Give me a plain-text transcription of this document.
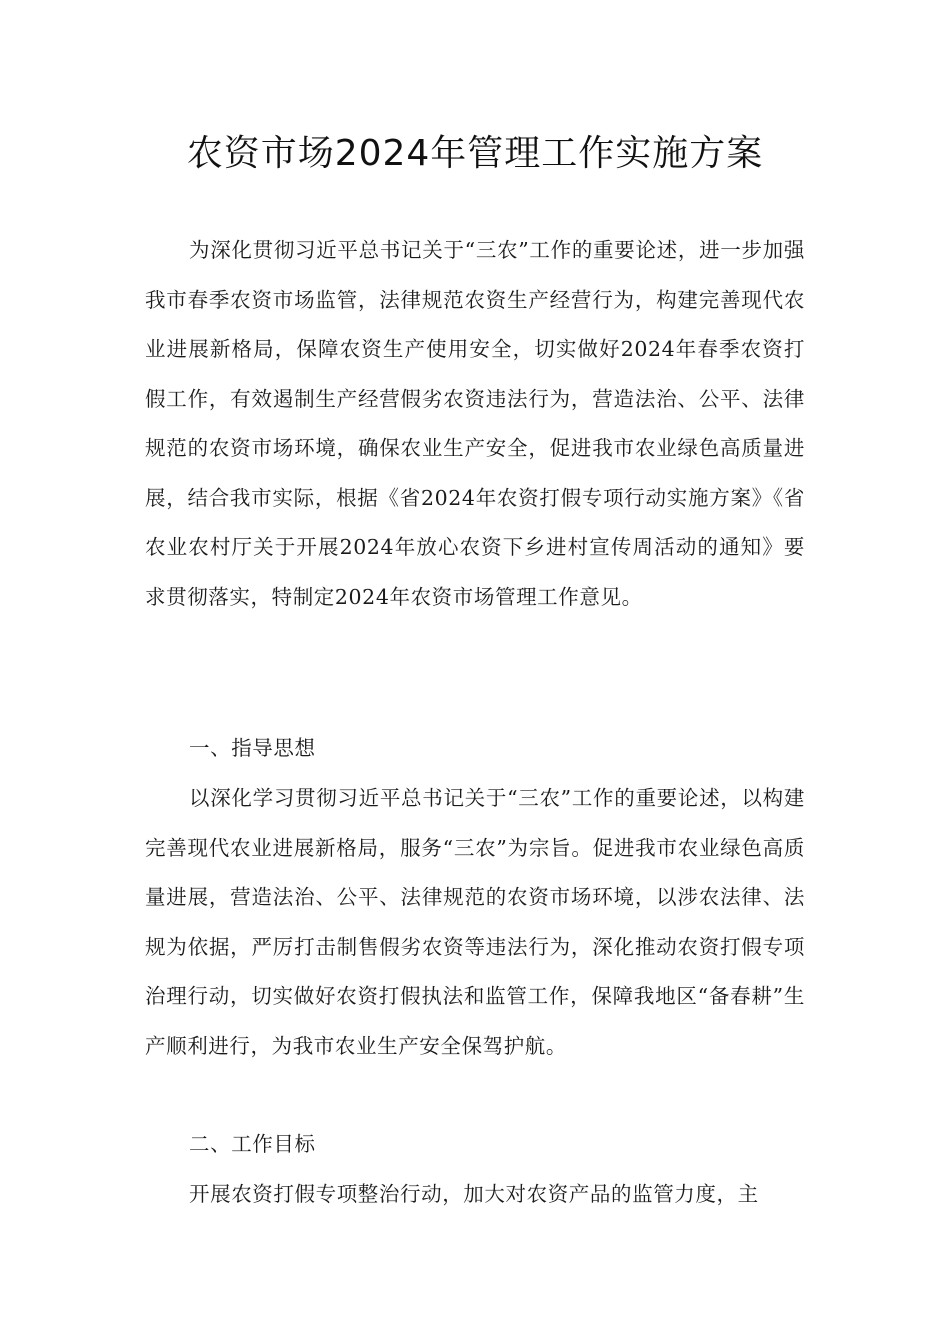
农资市场2024年管理工作实施方案

为深化贯彻习近平总书记关于“三农”工作的重要论述，进一步加强我市春季农资市场监管，法律规范农资生产经营行为，构建完善现代农业进展新格局，保障农资生产使用安全，切实做好2024年春季农资打假工作，有效遏制生产经营假劣农资违法行为，营造法治、公平、法律规范的农资市场环境，确保农业生产安全，促进我市农业绿色高质量进展，结合我市实际，根据《省2024年农资打假专项行动实施方案》《省农业农村厅关于开展2024年放心农资下乡进村宣传周活动的通知》要求贯彻落实，特制定2024年农资市场管理工作意见。

一、指导思想

以深化学习贯彻习近平总书记关于“三农”工作的重要论述，以构建完善现代农业进展新格局，服务“三农”为宗旨。促进我市农业绿色高质量进展，营造法治、公平、法律规范的农资市场环境，以涉农法律、法规为依据，严厉打击制售假劣农资等违法行为，深化推动农资打假专项治理行动，切实做好农资打假执法和监管工作，保障我地区“备春耕”生产顺利进行，为我市农业生产安全保驾护航。

二、工作目标

开展农资打假专项整治行动，加大对农资产品的监管力度，主
